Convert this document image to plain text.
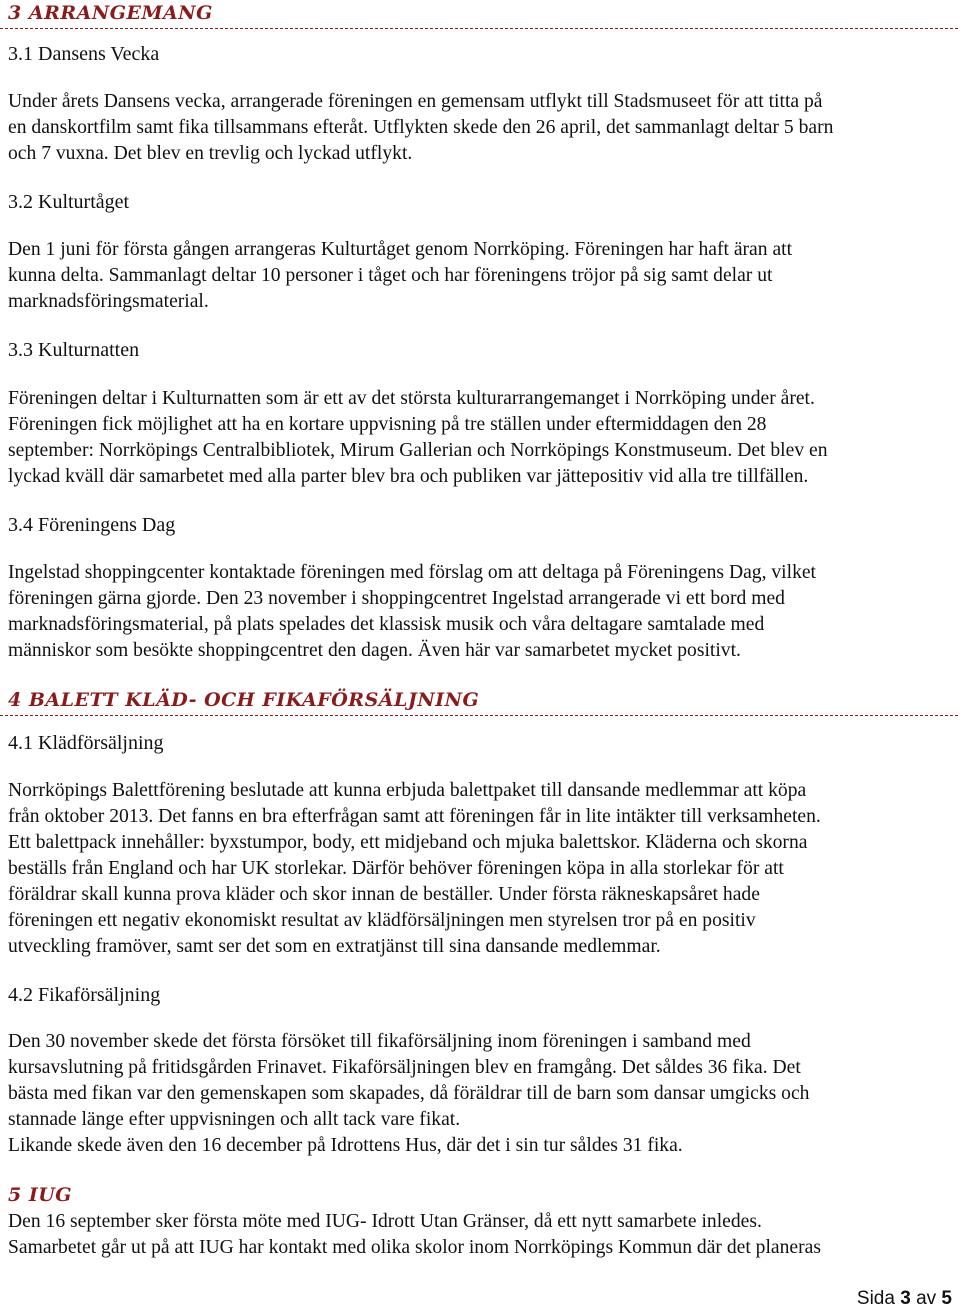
3 ARRANGEMANG
3.1 Dansens Vecka

Under årets Dansens vecka, arrangerade föreningen en gemensam utflykt till Stadsmuseet för att titta på
en danskortfilm samt fika tillsammans efteråt. Utflykten skede den 26 april, det sammanlagt deltar 5 barn
och 7 vuxna. Det blev en trevlig och lyckad utflykt.

3.2 Kulturtåget

Den 1 juni för första gången arrangeras Kulturtåget genom Norrköping. Föreningen har haft äran att
kunna delta. Sammanlagt deltar 10 personer i tåget och har föreningens tröjor på sig samt delar ut
marknadsföringsmaterial.

3.3 Kulturnatten

Föreningen deltar i Kulturnatten som är ett av det största kulturarrangemanget i Norrköping under året.
Föreningen fick möjlighet att ha en kortare uppvisning på tre ställen under eftermiddagen den 28
september: Norrköpings Centralbibliotek, Mirum Gallerian och Norrköpings Konstmuseum. Det blev en
lyckad kväll där samarbetet med alla parter blev bra och publiken var jättepositiv vid alla tre tillfällen.

3.4 Föreningens Dag

Ingelstad shoppingcenter kontaktade föreningen med förslag om att deltaga på Föreningens Dag, vilket
föreningen gärna gjorde. Den 23 november i shoppingcentret Ingelstad arrangerade vi ett bord med
marknadsföringsmaterial, på plats spelades det klassisk musik och våra deltagare samtalade med
människor som besökte shoppingcentret den dagen. Även här var samarbetet mycket positivt.

4 BALETT KLÄD- OCH FIKAFÖRSÄLJNING
4.1 Klädförsäljning

Norrköpings Balettförening beslutade att kunna erbjuda balettpaket till dansande medlemmar att köpa
från oktober 2013. Det fanns en bra efterfrågan samt att föreningen får in lite intäkter till verksamheten.
Ett balettpack innehåller: byxstumpor, body, ett midjeband och mjuka balettskor. Kläderna och skorna
beställs från England och har UK storlekar. Därför behöver föreningen köpa in alla storlekar för att
föräldrar skall kunna prova kläder och skor innan de beställer. Under första räkneskapsåret hade
föreningen ett negativ ekonomiskt resultat av klädförsäljningen men styrelsen tror på en positiv
utveckling framöver, samt ser det som en extratjänst till sina dansande medlemmar.

4.2 Fikaförsäljning

Den 30 november skede det första försöket till fikaförsäljning inom föreningen i samband med
kursavslutning på fritidsgården Frinavet. Fikaförsäljningen blev en framgång. Det såldes 36 fika. Det
bästa med fikan var den gemenskapen som skapades, då föräldrar till de barn som dansar umgicks och
stannade länge efter uppvisningen och allt tack vare fikat.
Likande skede även den 16 december på Idrottens Hus, där det i sin tur såldes 31 fika.

5 IUG

Den 16 september sker första möte med IUG- Idrott Utan Gränser, då ett nytt samarbete inledes.
Samarbetet går ut på att IUG har kontakt med olika skolor inom Norrköpings Kommun där det planeras

Sida 3 av 5
